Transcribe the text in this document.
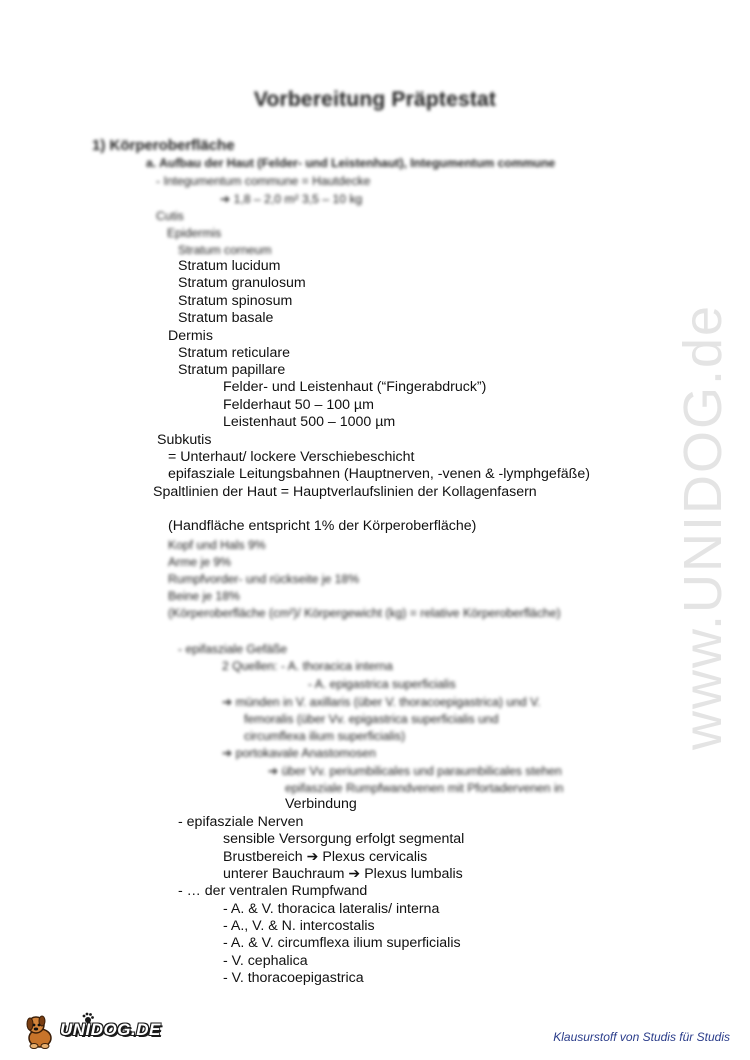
www.UNIDOG.de
Vorbereitung Präptestat
1) Körperoberfläche
a. Aufbau der Haut (Felder- und Leistenhaut), Integumentum commune
- Integumentum commune = Hautdecke
➔ 1,8 – 2,0 m² 3,5 – 10 kg
Cutis
Epidermis
Stratum corneum
Stratum lucidum
Stratum granulosum
Stratum spinosum
Stratum basale
Dermis
Stratum reticulare
Stratum papillare
Felder- und Leistenhaut (“Fingerabdruck”)
Felderhaut 50 – 100 µm
Leistenhaut 500 – 1000 µm
Subkutis
= Unterhaut/ lockere Verschiebeschicht
epifasziale Leitungsbahnen (Hauptnerven, -venen & -lymphgefäße)
Spaltlinien der Haut = Hauptverlaufslinien der Kollagenfasern
(Handfläche entspricht 1% der Körperoberfläche)
Kopf und Hals 9%
Arme je 9%
Rumpfvorder- und rückseite je 18%
Beine je 18%
(Körperoberfläche (cm²)/ Körpergewicht (kg) = relative Körperoberfläche)
- epifasziale Gefäße
2 Quellen: - A. thoracica interna
- A. epigastrica superficialis
➔ münden in V. axillaris (über V. thoracoepigastrica) und V.
femoralis (über Vv. epigastrica superficialis und
circumflexa ilium superficialis)
➔ portokavale Anastomosen
➔ über Vv. periumbilicales und paraumbilicales stehen
epifasziale Rumpfwandvenen mit Pfortadervenen in
Verbindung
- epifasziale Nerven
sensible Versorgung erfolgt segmental
Brustbereich ➔ Plexus cervicalis
unterer Bauchraum ➔ Plexus lumbalis
- … der ventralen Rumpfwand
- A. & V. thoracica lateralis/ interna
- A., V. & N. intercostalis
- A. & V. circumflexa ilium superficialis
- V. cephalica
- V. thoracoepigastrica
UNIDOG.DE	Klausurstoff von Studis für Studis
